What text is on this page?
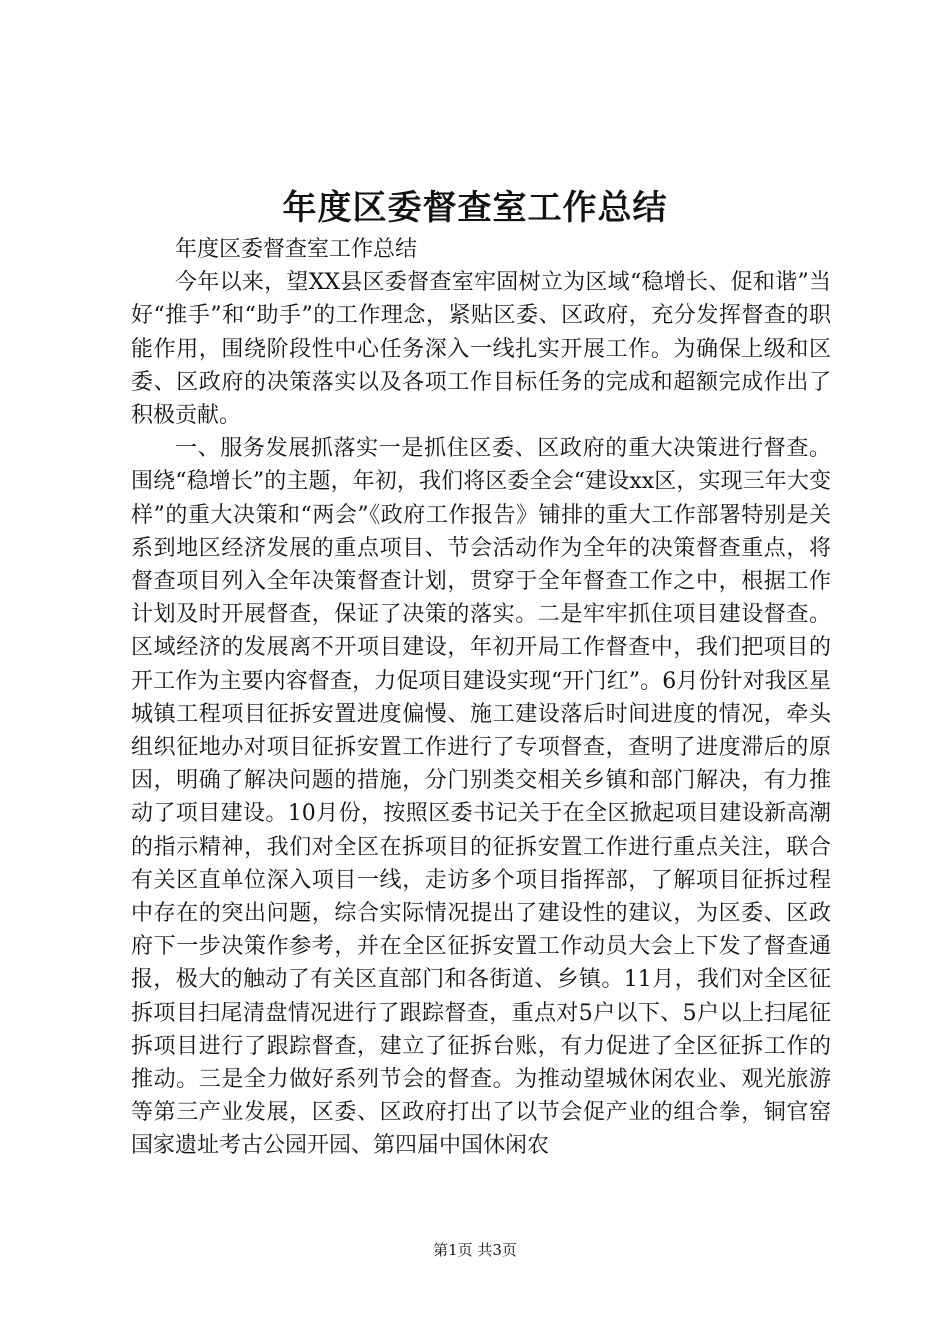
年度区委督查室工作总结

年度区委督查室工作总结

今年以来，望XX县区委督查室牢固树立为区域“稳增长、促和谐”当好“推手”和“助手”的工作理念，紧贴区委、区政府，充分发挥督查的职能作用，围绕阶段性中心任务深入一线扎实开展工作。为确保上级和区委、区政府的决策落实以及各项工作目标任务的完成和超额完成作出了积极贡献。

一、服务发展抓落实一是抓住区委、区政府的重大决策进行督查。围绕“稳增长”的主题，年初，我们将区委全会“建设xx区，实现三年大变样”的重大决策和“两会”《政府工作报告》铺排的重大工作部署特别是关系到地区经济发展的重点项目、节会活动作为全年的决策督查重点，将督查项目列入全年决策督查计划，贯穿于全年督查工作之中，根据工作计划及时开展督查，保证了决策的落实。二是牢牢抓住项目建设督查。区域经济的发展离不开项目建设，年初开局工作督查中，我们把项目的开工作为主要内容督查，力促项目建设实现“开门红”。6月份针对我区星城镇工程项目征拆安置进度偏慢、施工建设落后时间进度的情况，牵头组织征地办对项目征拆安置工作进行了专项督查，查明了进度滞后的原因，明确了解决问题的措施，分门别类交相关乡镇和部门解决，有力推动了项目建设。10月份，按照区委书记关于在全区掀起项目建设新高潮的指示精神，我们对全区在拆项目的征拆安置工作进行重点关注，联合有关区直单位深入项目一线，走访多个项目指挥部，了解项目征拆过程中存在的突出问题，综合实际情况提出了建设性的建议，为区委、区政府下一步决策作参考，并在全区征拆安置工作动员大会上下发了督查通报，极大的触动了有关区直部门和各街道、乡镇。11月，我们对全区征拆项目扫尾清盘情况进行了跟踪督查，重点对5户以下、5户以上扫尾征拆项目进行了跟踪督查，建立了征拆台账，有力促进了全区征拆工作的推动。三是全力做好系列节会的督查。为推动望城休闲农业、观光旅游等第三产业发展，区委、区政府打出了以节会促产业的组合拳，铜官窑国家遗址考古公园开园、第四届中国休闲农

第1页 共3页
